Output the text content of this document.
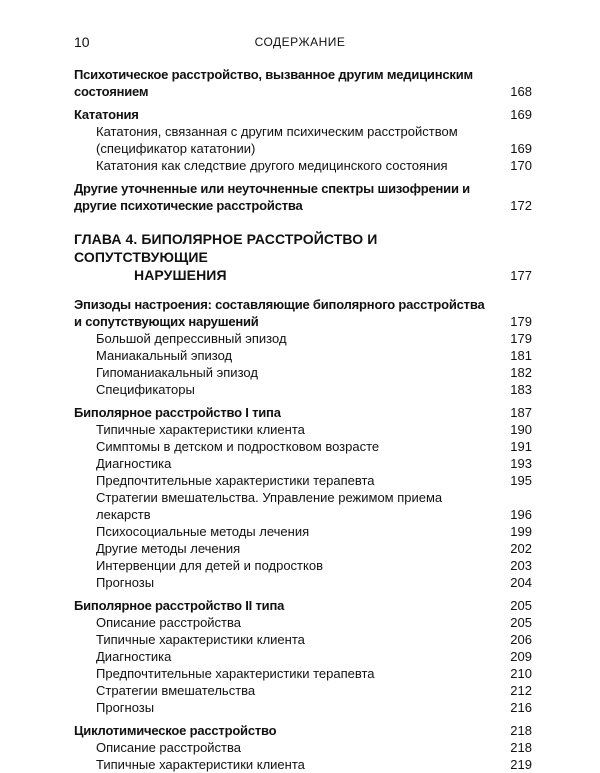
10	СОДЕРЖАНИЕ
Психотическое расстройство, вызванное другим медицинским состоянием	168
Кататония	169
Кататония, связанная с другим психическим расстройством (спецификатор кататонии)	169
Кататония как следствие другого медицинского состояния	170
Другие уточненные или неуточненные спектры шизофрении и другие психотические расстройства	172
ГЛАВА 4. БИПОЛЯРНОЕ РАССТРОЙСТВО И СОПУТСТВУЮЩИЕ
НАРУШЕНИЯ	177
Эпизоды настроения: составляющие биполярного расстройства и сопутствующих нарушений	179
Большой депрессивный эпизод	179
Маниакальный эпизод	181
Гипоманиакальный эпизод	182
Спецификаторы	183
Биполярное расстройство I типа	187
Типичные характеристики клиента	190
Симптомы в детском и подростковом возрасте	191
Диагностика	193
Предпочтительные характеристики терапевта	195
Стратегии вмешательства. Управление режимом приема лекарств	196
Психосоциальные методы лечения	199
Другие методы лечения	202
Интервенции для детей и подростков	203
Прогнозы	204
Биполярное расстройство II типа	205
Описание расстройства	205
Типичные характеристики клиента	206
Диагностика	209
Предпочтительные характеристики терапевта	210
Стратегии вмешательства	212
Прогнозы	216
Циклотимическое расстройство	218
Описание расстройства	218
Типичные характеристики клиента	219
